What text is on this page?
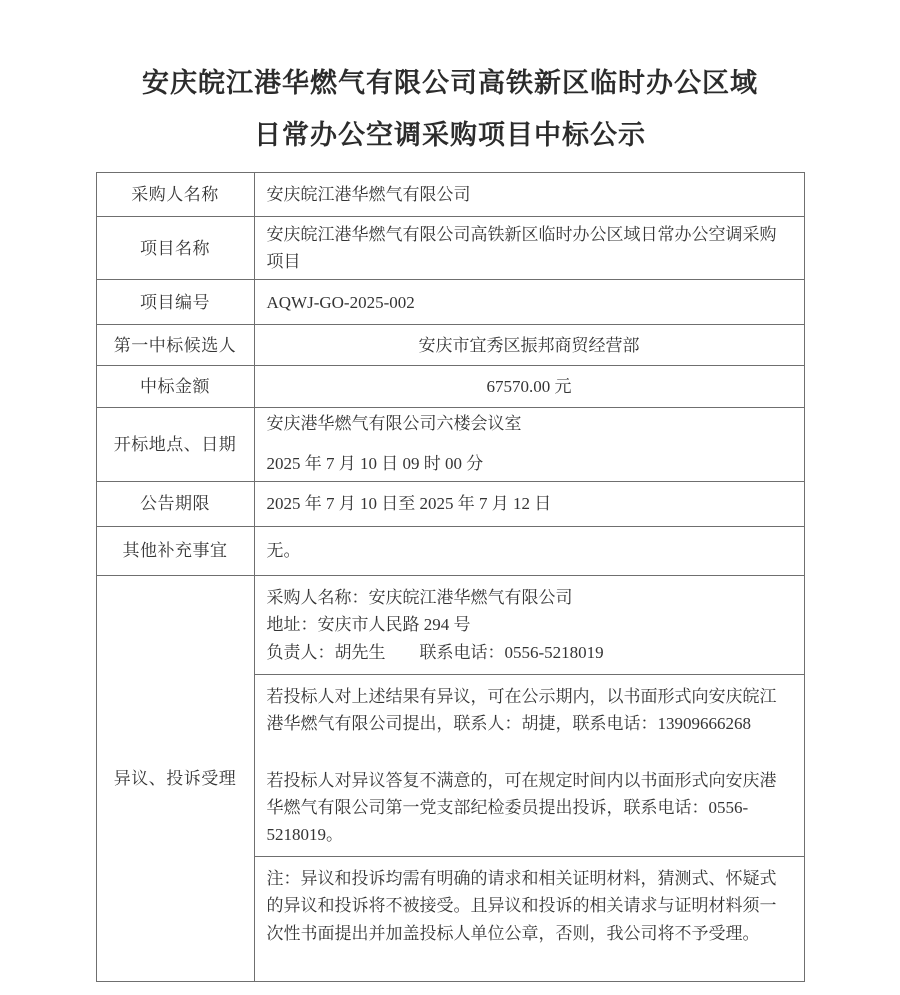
安庆皖江港华燃气有限公司高铁新区临时办公区域
日常办公空调采购项目中标公示
采购人名称	安庆皖江港华燃气有限公司
项目名称	安庆皖江港华燃气有限公司高铁新区临时办公区域日常办公空调采购项目
项目编号	AQWJ-GO-2025-002
第一中标候选人	安庆市宜秀区振邦商贸经营部
中标金额	67570.00 元
开标地点、日期	安庆港华燃气有限公司六楼会议室
2025 年 7 月 10 日 09 时 00 分

公告期限	2025 年 7 月 10 日至 2025 年 7 月 12 日
其他补充事宜	无。
异议、投诉受理	采购人名称：安庆皖江港华燃气有限公司
地址：安庆市人民路 294 号
负责人：胡先生　　联系电话：0556-5218019

	若投标人对上述结果有异议，可在公示期内，以书面形式向安庆皖江港华燃气有限公司提出，联系人：胡捷，联系电话：13909666268

若投标人对异议答复不满意的，可在规定时间内以书面形式向安庆港华燃气有限公司第一党支部纪检委员提出投诉，联系电话：0556-5218019。

	注：异议和投诉均需有明确的请求和相关证明材料，猜测式、怀疑式的异议和投诉将不被接受。且异议和投诉的相关请求与证明材料须一次性书面提出并加盖投标人单位公章，否则，我公司将不予受理。
